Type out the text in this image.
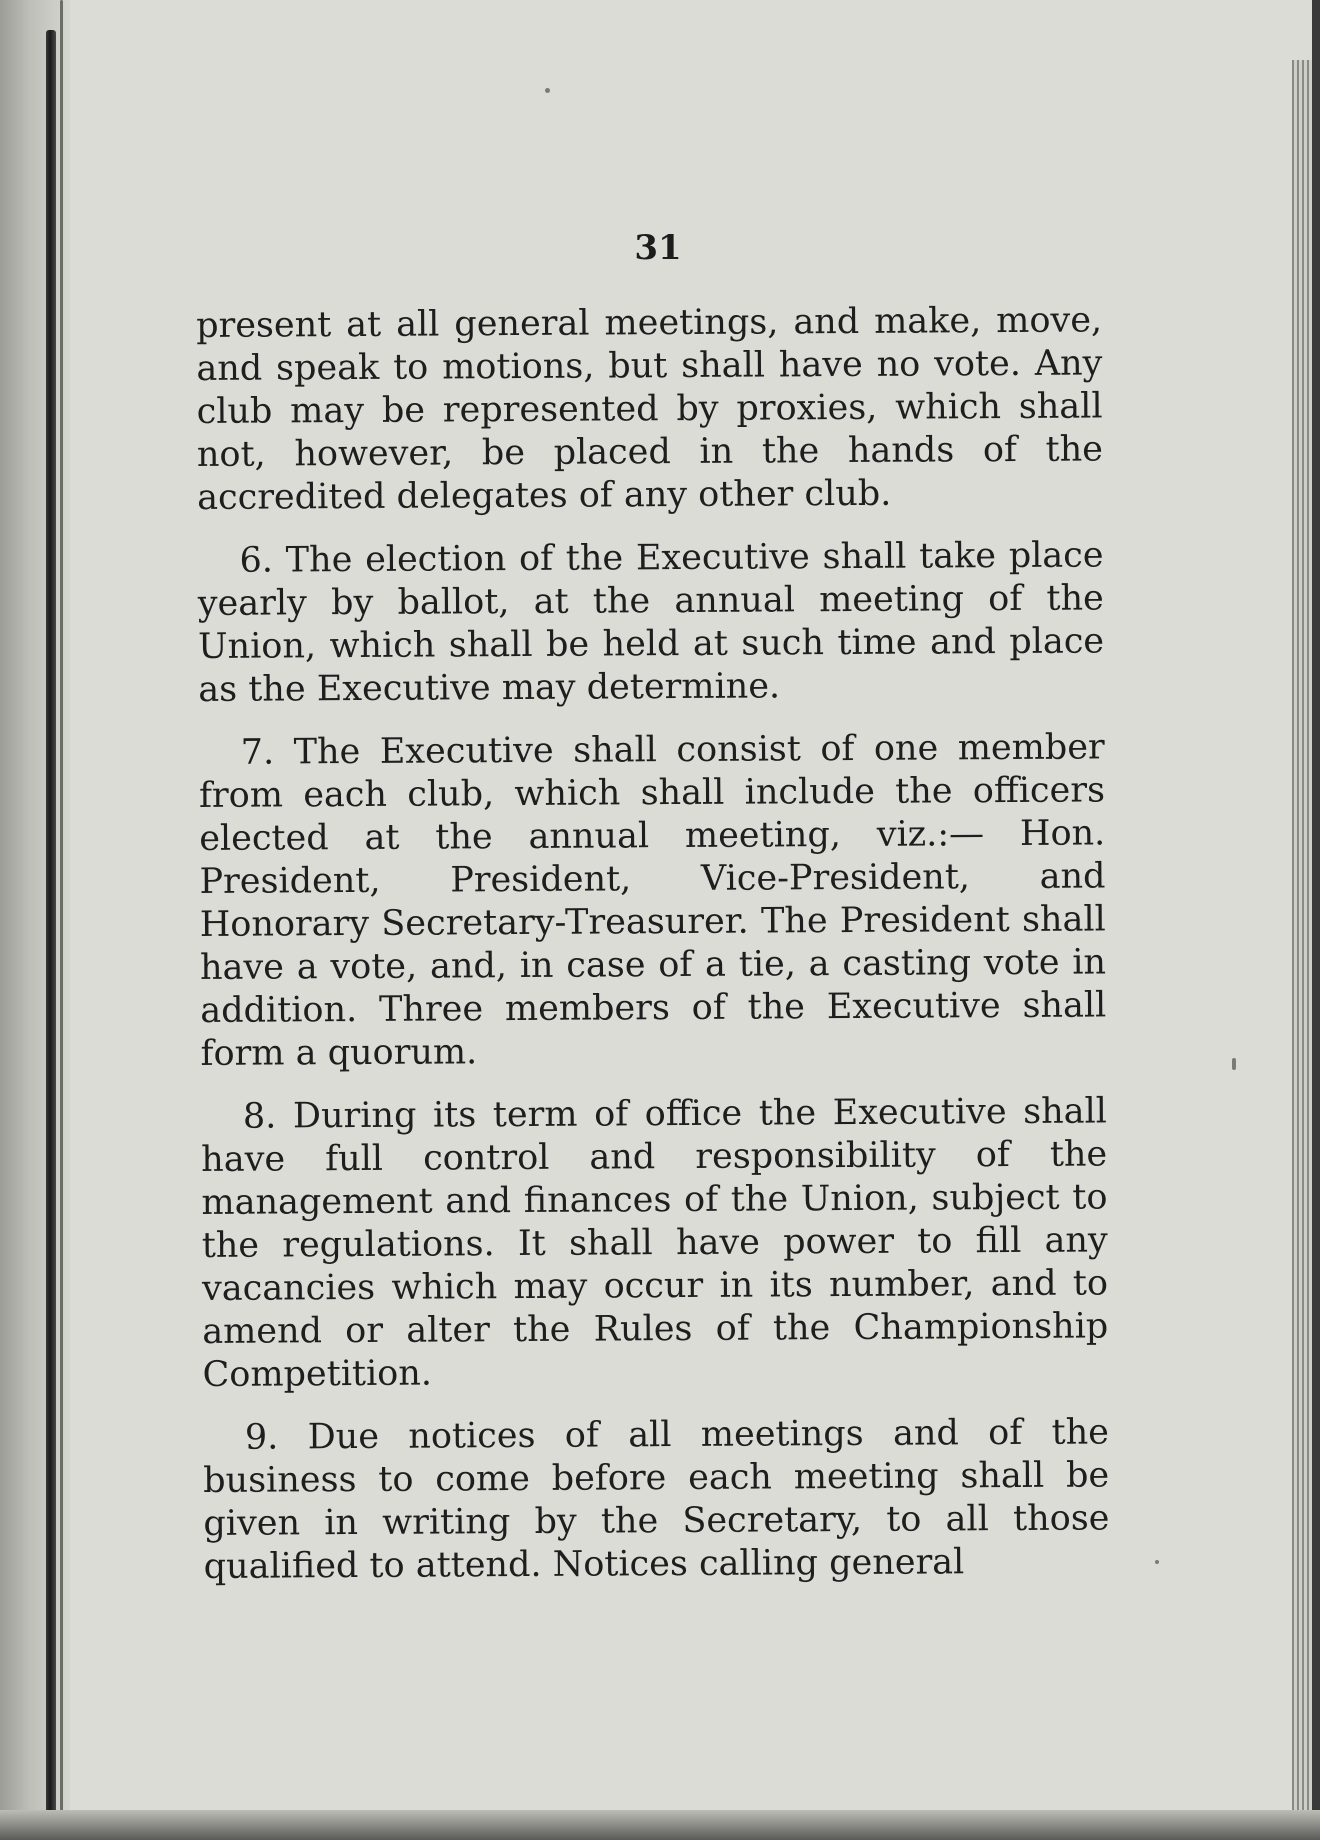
31

present at all general meetings, and make, move, and speak to motions, but shall have no vote. Any club may be represented by proxies, which shall not, however, be placed in the hands of the accredited delegates of any other club.

6. The election of the Executive shall take place yearly by ballot, at the annual meeting of the Union, which shall be held at such time and place as the Executive may determine.

7. The Executive shall consist of one member from each club, which shall include the officers elected at the annual meeting, viz.:— Hon. President, President, Vice-President, and Honorary Secretary-Treasurer. The President shall have a vote, and, in case of a tie, a casting vote in addition. Three members of the Executive shall form a quorum.

8. During its term of office the Executive shall have full control and responsibility of the management and finances of the Union, subject to the regulations. It shall have power to fill any vacancies which may occur in its number, and to amend or alter the Rules of the Championship Competition.

9. Due notices of all meetings and of the business to come before each meeting shall be given in writing by the Secretary, to all those qualified to attend. Notices calling general
